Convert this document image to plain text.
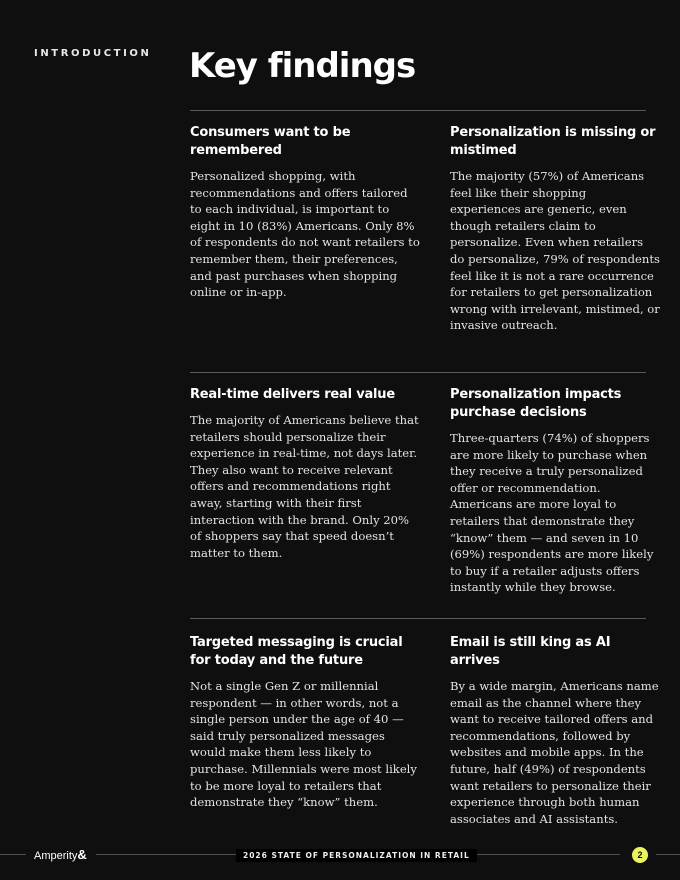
INTRODUCTION Key findings
Consumers want to be remembered

Personalized shopping, with recommendations and offers tailored to each individual, is important to eight in 10 (83%) Americans. Only 8% of respondents do not want retailers to remember them, their preferences, and past purchases when shopping online or in-app.

Personalization is missing or mistimed

The majority (57%) of Americans feel like their shopping experiences are generic, even though retailers claim to personalize. Even when retailers do personalize, 79% of respondents feel like it is not a rare occurrence for retailers to get personalization wrong with irrelevant, mistimed, or invasive outreach.

Real-time delivers real value

The majority of Americans believe that retailers should personalize their experience in real-time, not days later. They also want to receive relevant offers and recommendations right away, starting with their first interaction with the brand. Only 20% of shoppers say that speed doesn’t matter to them.

Personalization impacts purchase decisions

Three-quarters (74%) of shoppers are more likely to purchase when they receive a truly personalized offer or recommendation. Americans are more loyal to retailers that demonstrate they “know” them — and seven in 10 (69%) respondents are more likely to buy if a retailer adjusts offers instantly while they browse.

Targeted messaging is crucial for today and the future

Not a single Gen Z or millennial respondent — in other words, not a single person under the age of 40 — said truly personalized messages would make them less likely to purchase. Millennials were most likely to be more loyal to retailers that demonstrate they “know” them.

Email is still king as AI arrives

By a wide margin, Americans name email as the channel where they want to receive tailored offers and recommendations, followed by websites and mobile apps. In the future, half (49%) of respondents want retailers to personalize their experience through both human associates and AI assistants.

Amperity&	2026 STATE OF PERSONALIZATION IN RETAIL	2
